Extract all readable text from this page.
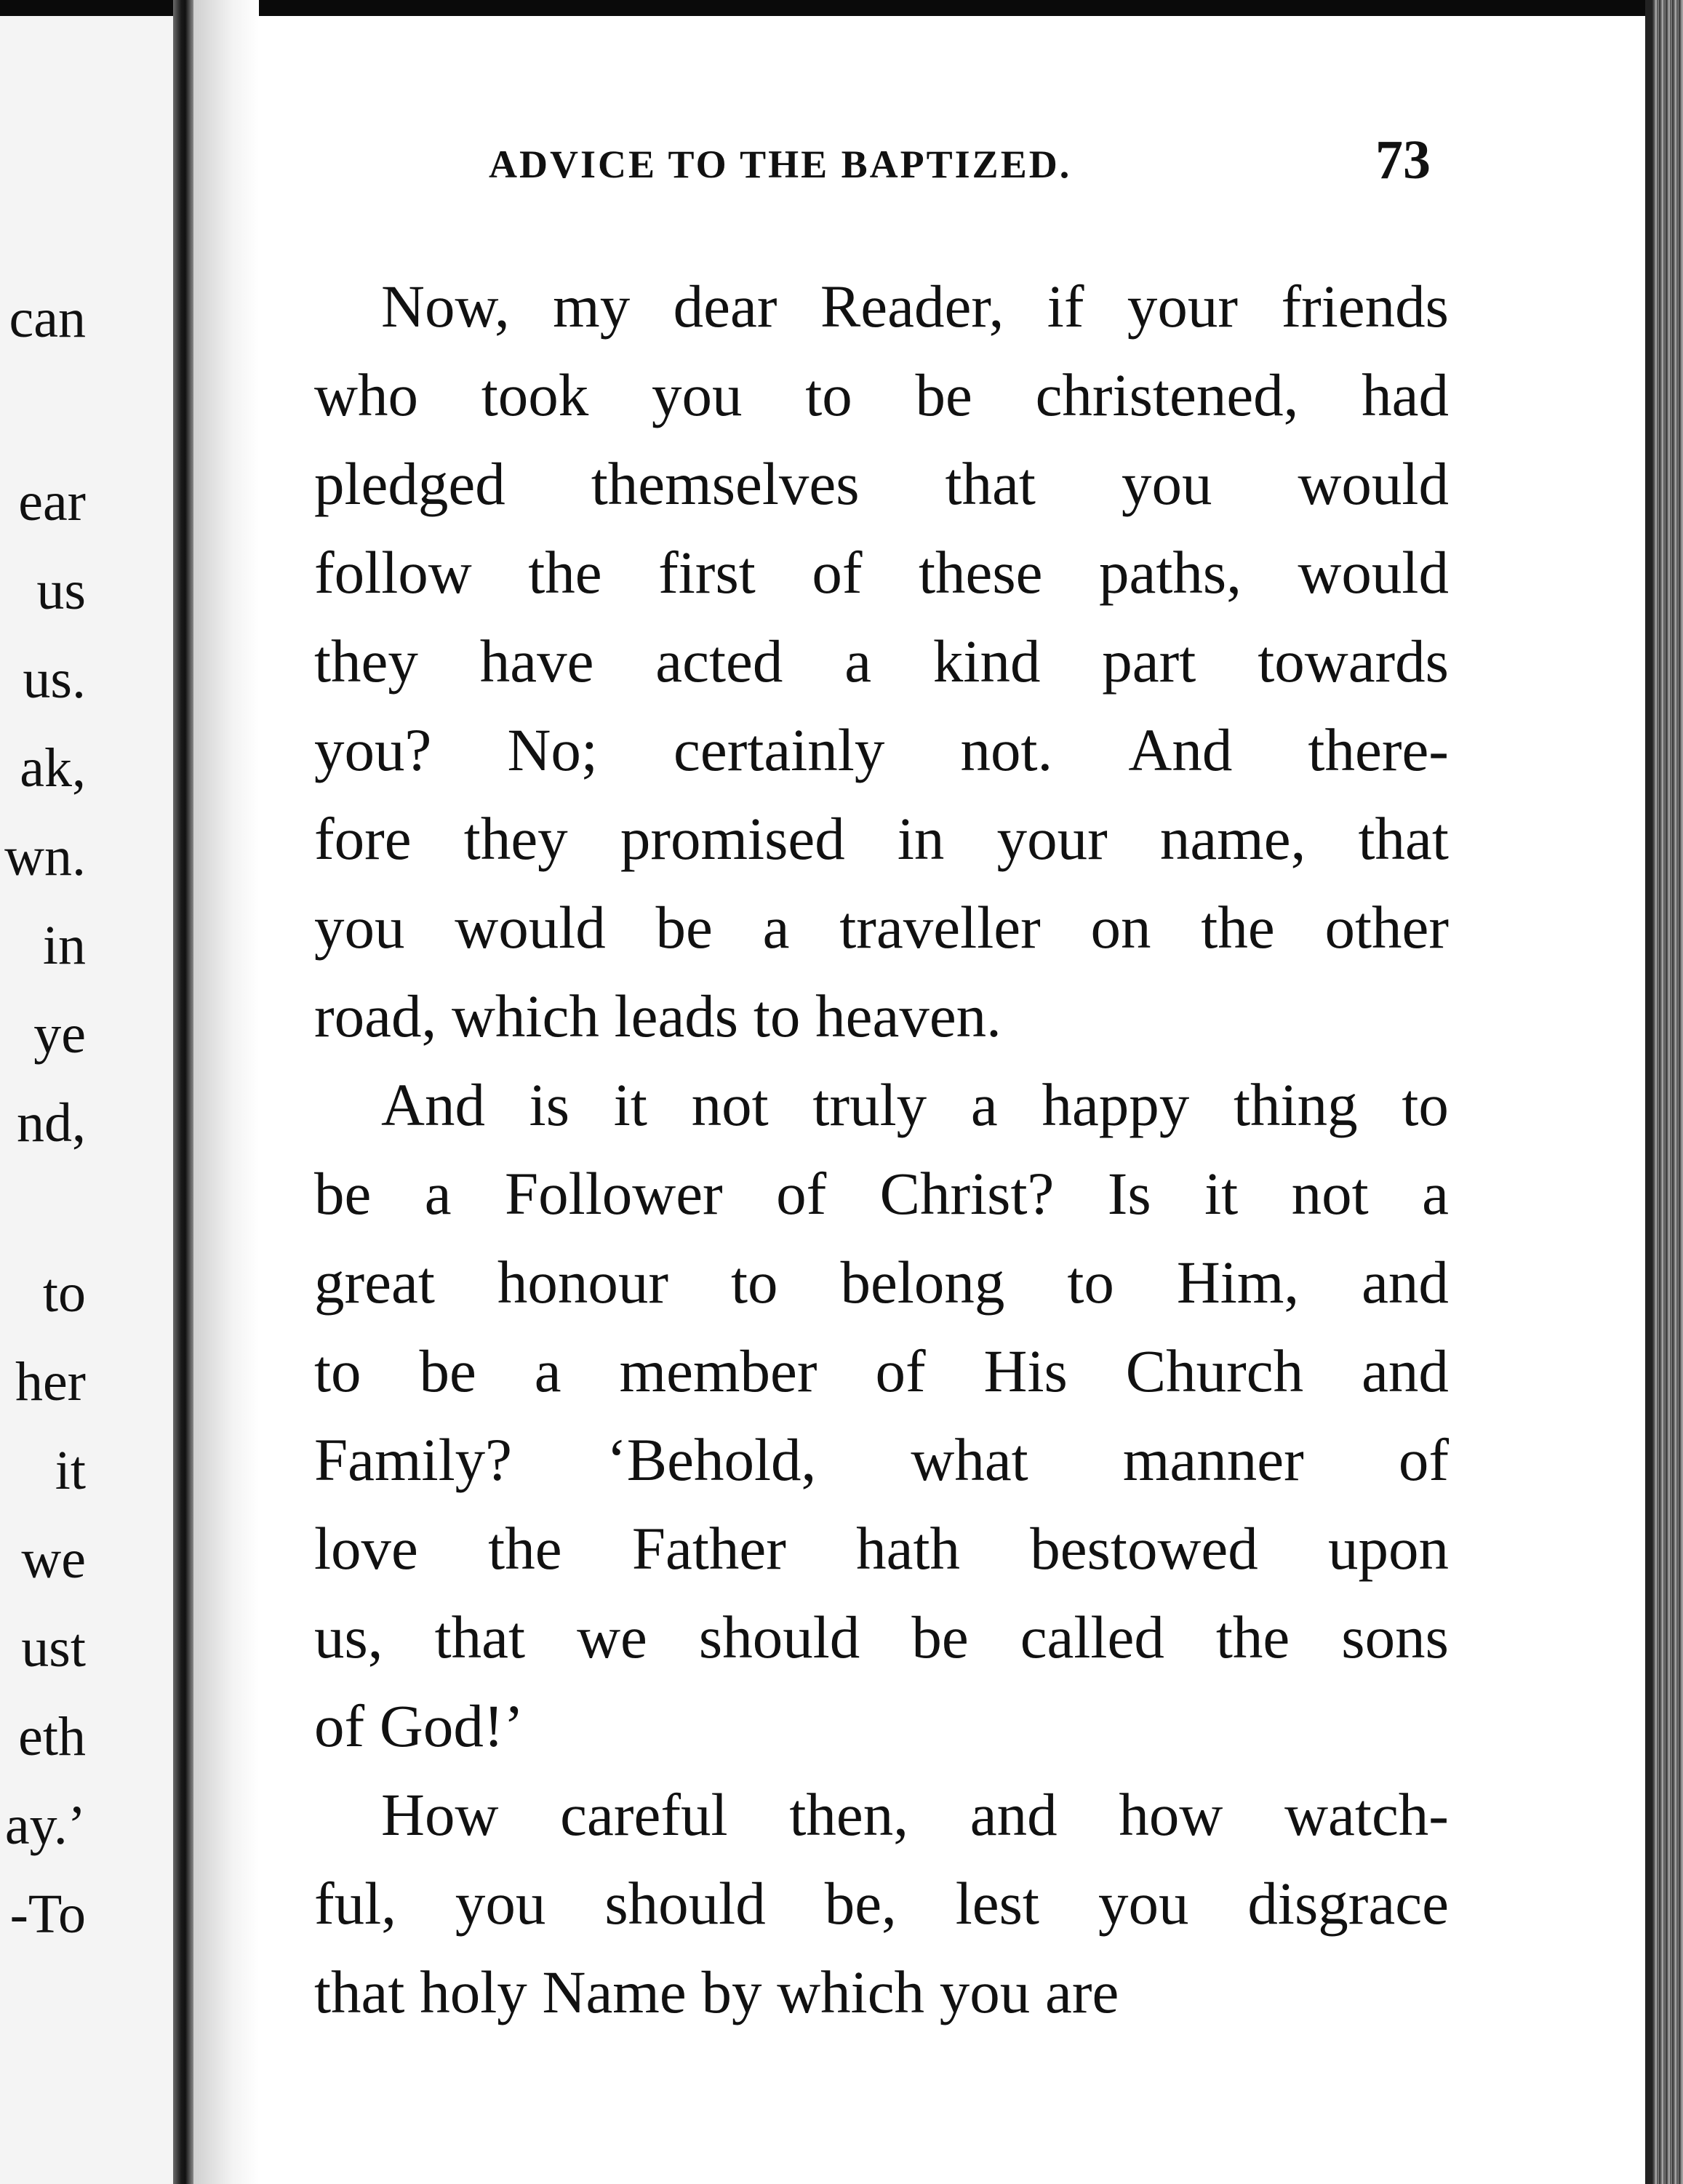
can

ear

us

us.

ak,

wn.

in

ye

nd,

to

her

it

we

ust

eth

ay.’

-To

ADVICE TO THE BAPTIZED.	73

Now, my dear Reader, if your friends

who took you to be christened, had

pledged themselves that you would

follow the first of these paths, would

they have acted a kind part towards

you? No; certainly not. And there-

fore they promised in your name, that

you would be a traveller on the other

road, which leads to heaven.

And is it not truly a happy thing to

be a Follower of Christ? Is it not a

great honour to belong to Him, and

to be a member of His Church and

Family? ‘Behold, what manner of

love the Father hath bestowed upon

us, that we should be called the sons

of God!’

How careful then, and how watch-

ful, you should be, lest you disgrace

that holy Name by which you are
